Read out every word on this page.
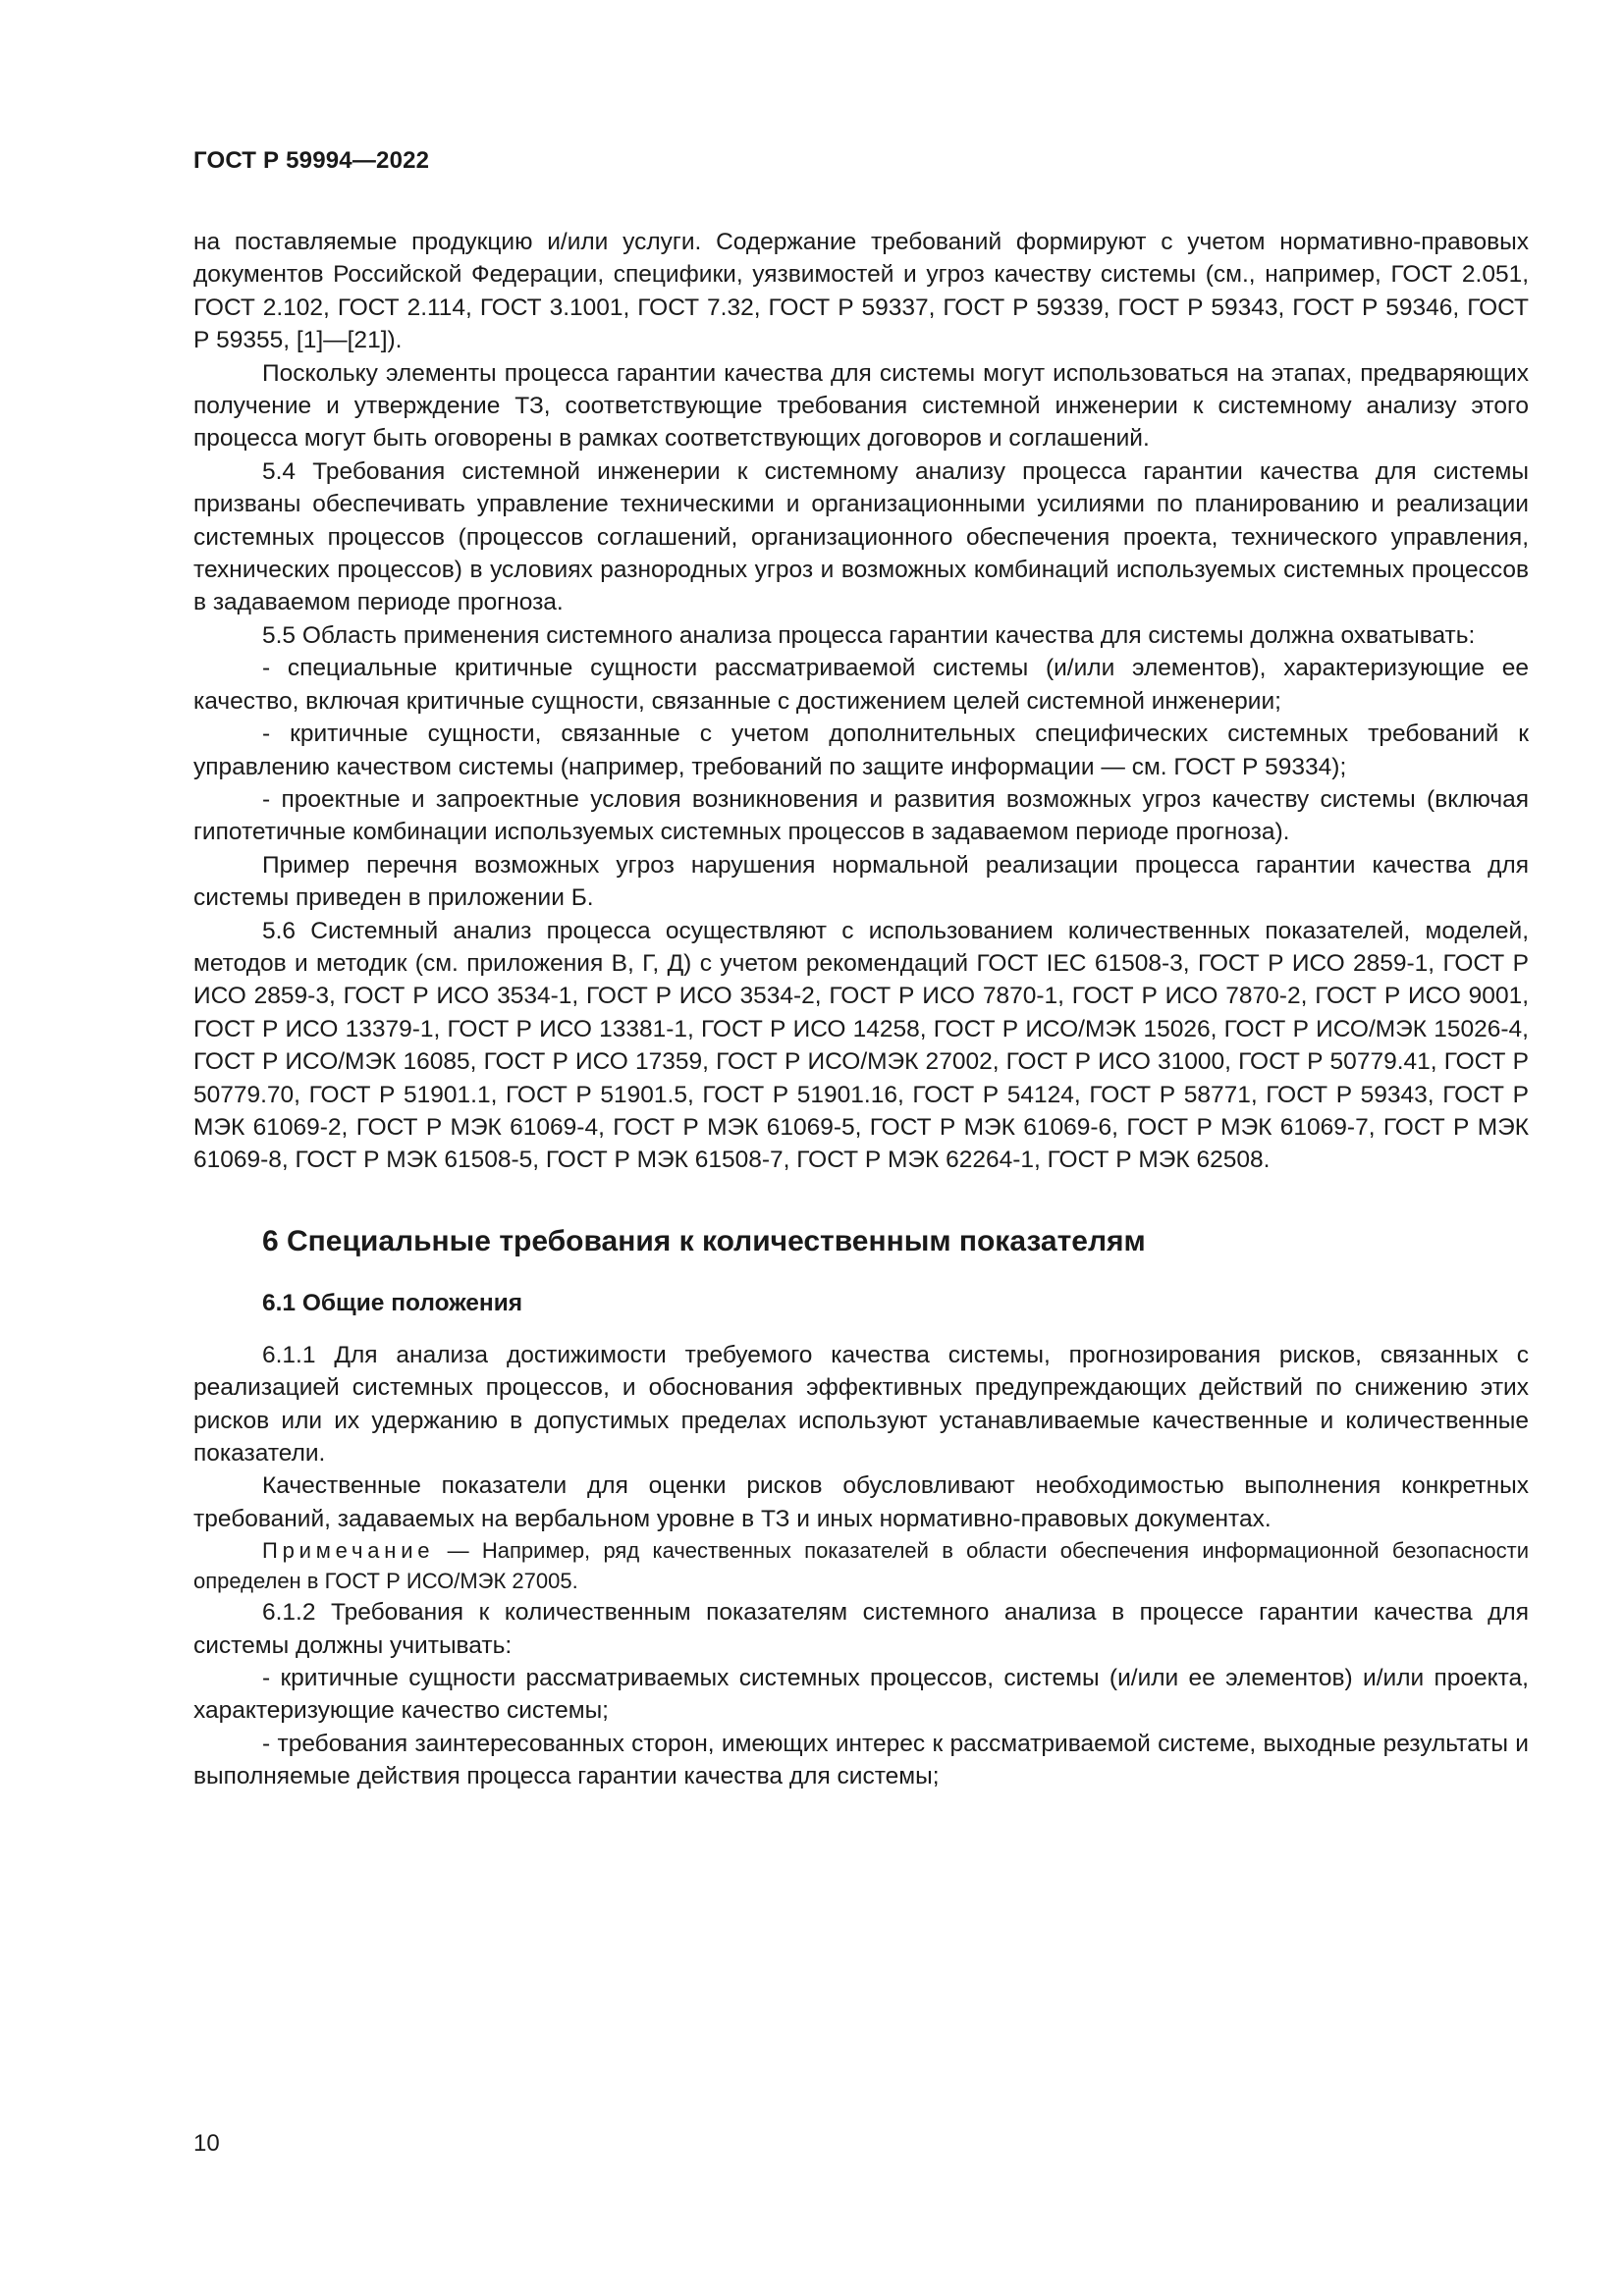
ГОСТ Р 59994—2022

на поставляемые продукцию и/или услуги. Содержание требований формируют с учетом нормативно-правовых документов Российской Федерации, специфики, уязвимостей и угроз качеству системы (см., например, ГОСТ 2.051, ГОСТ 2.102, ГОСТ 2.114, ГОСТ 3.1001, ГОСТ 7.32, ГОСТ Р 59337, ГОСТ Р 59339, ГОСТ Р 59343, ГОСТ Р 59346, ГОСТ Р 59355, [1]—[21]).

Поскольку элементы процесса гарантии качества для системы могут использоваться на этапах, предваряющих получение и утверждение ТЗ, соответствующие требования системной инженерии к системному анализу этого процесса могут быть оговорены в рамках соответствующих договоров и соглашений.

5.4 Требования системной инженерии к системному анализу процесса гарантии качества для системы призваны обеспечивать управление техническими и организационными усилиями по планированию и реализации системных процессов (процессов соглашений, организационного обеспечения проекта, технического управления, технических процессов) в условиях разнородных угроз и возможных комбинаций используемых системных процессов в задаваемом периоде прогноза.

5.5 Область применения системного анализа процесса гарантии качества для системы должна охватывать:

- специальные критичные сущности рассматриваемой системы (и/или элементов), характеризующие ее качество, включая критичные сущности, связанные с достижением целей системной инженерии;

- критичные сущности, связанные с учетом дополнительных специфических системных требований к управлению качеством системы (например, требований по защите информации — см. ГОСТ Р 59334);

- проектные и запроектные условия возникновения и развития возможных угроз качеству системы (включая гипотетичные комбинации используемых системных процессов в задаваемом периоде прогноза).

Пример перечня возможных угроз нарушения нормальной реализации процесса гарантии качества для системы приведен в приложении Б.

5.6 Системный анализ процесса осуществляют с использованием количественных показателей, моделей, методов и методик (см. приложения В, Г, Д) с учетом рекомендаций ГОСТ IEC 61508-3, ГОСТ Р ИСО 2859-1, ГОСТ Р ИСО 2859-3, ГОСТ Р ИСО 3534-1, ГОСТ Р ИСО 3534-2, ГОСТ Р ИСО 7870-1, ГОСТ Р ИСО 7870-2, ГОСТ Р ИСО 9001, ГОСТ Р ИСО 13379-1, ГОСТ Р ИСО 13381-1, ГОСТ Р ИСО 14258, ГОСТ Р ИСО/МЭК 15026, ГОСТ Р ИСО/МЭК 15026-4, ГОСТ Р ИСО/МЭК 16085, ГОСТ Р ИСО 17359, ГОСТ Р ИСО/МЭК 27002, ГОСТ Р ИСО 31000, ГОСТ Р 50779.41, ГОСТ Р 50779.70, ГОСТ Р 51901.1, ГОСТ Р 51901.5, ГОСТ Р 51901.16, ГОСТ Р 54124, ГОСТ Р 58771, ГОСТ Р 59343, ГОСТ Р МЭК 61069-2, ГОСТ Р МЭК 61069-4, ГОСТ Р МЭК 61069-5, ГОСТ Р МЭК 61069-6, ГОСТ Р МЭК 61069-7, ГОСТ Р МЭК 61069-8, ГОСТ Р МЭК 61508-5, ГОСТ Р МЭК 61508-7, ГОСТ Р МЭК 62264-1, ГОСТ Р МЭК 62508.

6 Специальные требования к количественным показателям
6.1 Общие положения

6.1.1 Для анализа достижимости требуемого качества системы, прогнозирования рисков, связанных с реализацией системных процессов, и обоснования эффективных предупреждающих действий по снижению этих рисков или их удержанию в допустимых пределах используют устанавливаемые качественные и количественные показатели.

Качественные показатели для оценки рисков обусловливают необходимостью выполнения конкретных требований, задаваемых на вербальном уровне в ТЗ и иных нормативно-правовых документах.

Примечание — Например, ряд качественных показателей в области обеспечения информационной безопасности определен в ГОСТ Р ИСО/МЭК 27005.

6.1.2 Требования к количественным показателям системного анализа в процессе гарантии качества для системы должны учитывать:

- критичные сущности рассматриваемых системных процессов, системы (и/или ее элементов) и/или проекта, характеризующие качество системы;

- требования заинтересованных сторон, имеющих интерес к рассматриваемой системе, выходные результаты и выполняемые действия процесса гарантии качества для системы;

10
